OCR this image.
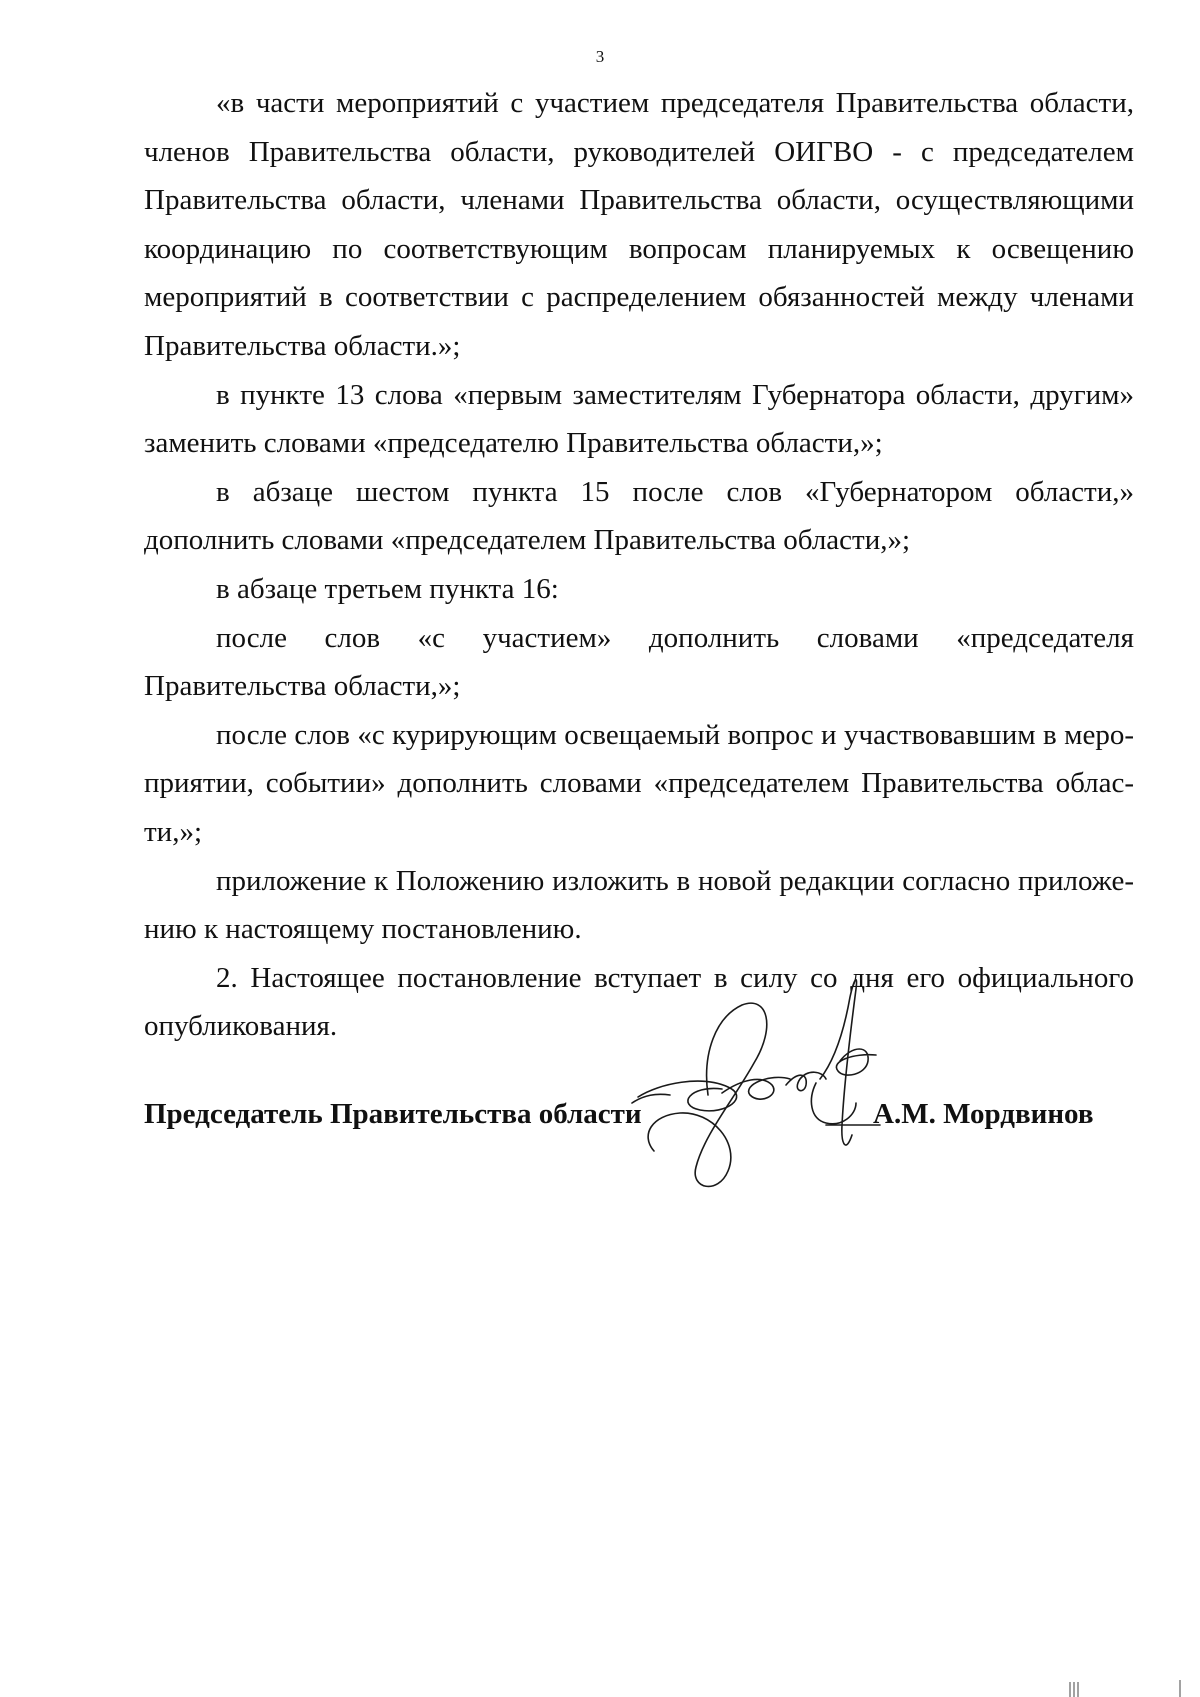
3

«в части мероприятий с участием председателя Правительства области, членов Правительства области, руководителей ОИГВО - с председателем Правительства области, членами Правительства области, осуществляющими координацию по соответствующим вопросам планируемых к освещению мероприятий в соответствии с распределением обязанностей между членами Правительства области.»;

в пункте 13 слова «первым заместителям Губернатора области, другим» заменить словами «председателю Правительства области,»;

в абзаце шестом пункта 15 после слов «Губернатором области,» дополнить словами «председателем Правительства области,»;

в абзаце третьем пункта 16:

после слов «с участием» дополнить словами «председателя Правительства области,»;

после слов «с курирующим освещаемый вопрос и участвовавшим в мероприятии, событии» дополнить словами «председателем Правительства области,»;

приложение к Положению изложить в новой редакции согласно приложению к настоящему постановлению.

2. Настоящее постановление вступает в силу со дня его официального опубликования.

Председатель Правительства области	А.М. Мордвинов
